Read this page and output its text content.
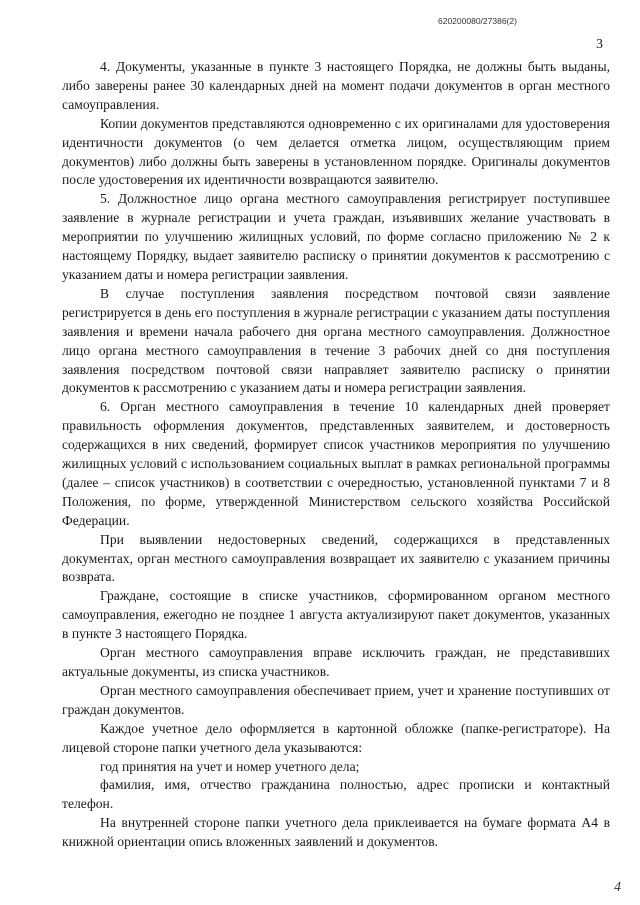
620200080/27386(2)
3

4. Документы, указанные в пункте 3 настоящего Порядка, не должны быть выданы, либо заверены ранее 30 календарных дней на момент подачи документов в орган местного самоуправления.

Копии документов представляются одновременно с их оригиналами для удостоверения идентичности документов (о чем делается отметка лицом, осуществляющим прием документов) либо должны быть заверены в установленном порядке. Оригиналы документов после удостоверения их идентичности возвращаются заявителю.

5. Должностное лицо органа местного самоуправления регистрирует поступившее заявление в журнале регистрации и учета граждан, изъявивших желание участвовать в мероприятии по улучшению жилищных условий, по форме согласно приложению № 2 к настоящему Порядку, выдает заявителю расписку о принятии документов к рассмотрению с указанием даты и номера регистрации заявления.

В случае поступления заявления посредством почтовой связи заявление регистрируется в день его поступления в журнале регистрации с указанием даты поступления заявления и времени начала рабочего дня органа местного самоуправления. Должностное лицо органа местного самоуправления в течение 3 рабочих дней со дня поступления заявления посредством почтовой связи направляет заявителю расписку о принятии документов к рассмотрению с указанием даты и номера регистрации заявления.

6. Орган местного самоуправления в течение 10 календарных дней проверяет правильность оформления документов, представленных заявителем, и достоверность содержащихся в них сведений, формирует список участников мероприятия по улучшению жилищных условий с использованием социальных выплат в рамках региональной программы (далее – список участников) в соответствии с очередностью, установленной пунктами 7 и 8 Положения, по форме, утвержденной Министерством сельского хозяйства Российской Федерации.

При выявлении недостоверных сведений, содержащихся в представленных документах, орган местного самоуправления возвращает их заявителю с указанием причины возврата.

Граждане, состоящие в списке участников, сформированном органом местного самоуправления, ежегодно не позднее 1 августа актуализируют пакет документов, указанных в пункте 3 настоящего Порядка.

Орган местного самоуправления вправе исключить граждан, не представивших актуальные документы, из списка участников.

Орган местного самоуправления обеспечивает прием, учет и хранение поступивших от граждан документов.

Каждое учетное дело оформляется в картонной обложке (папке-регистраторе). На лицевой стороне папки учетного дела указываются:

год принятия на учет и номер учетного дела;

фамилия, имя, отчество гражданина полностью, адрес прописки и контактный телефон.

На внутренней стороне папки учетного дела приклеивается на бумаге формата А4 в книжной ориентации опись вложенных заявлений и документов.

4
